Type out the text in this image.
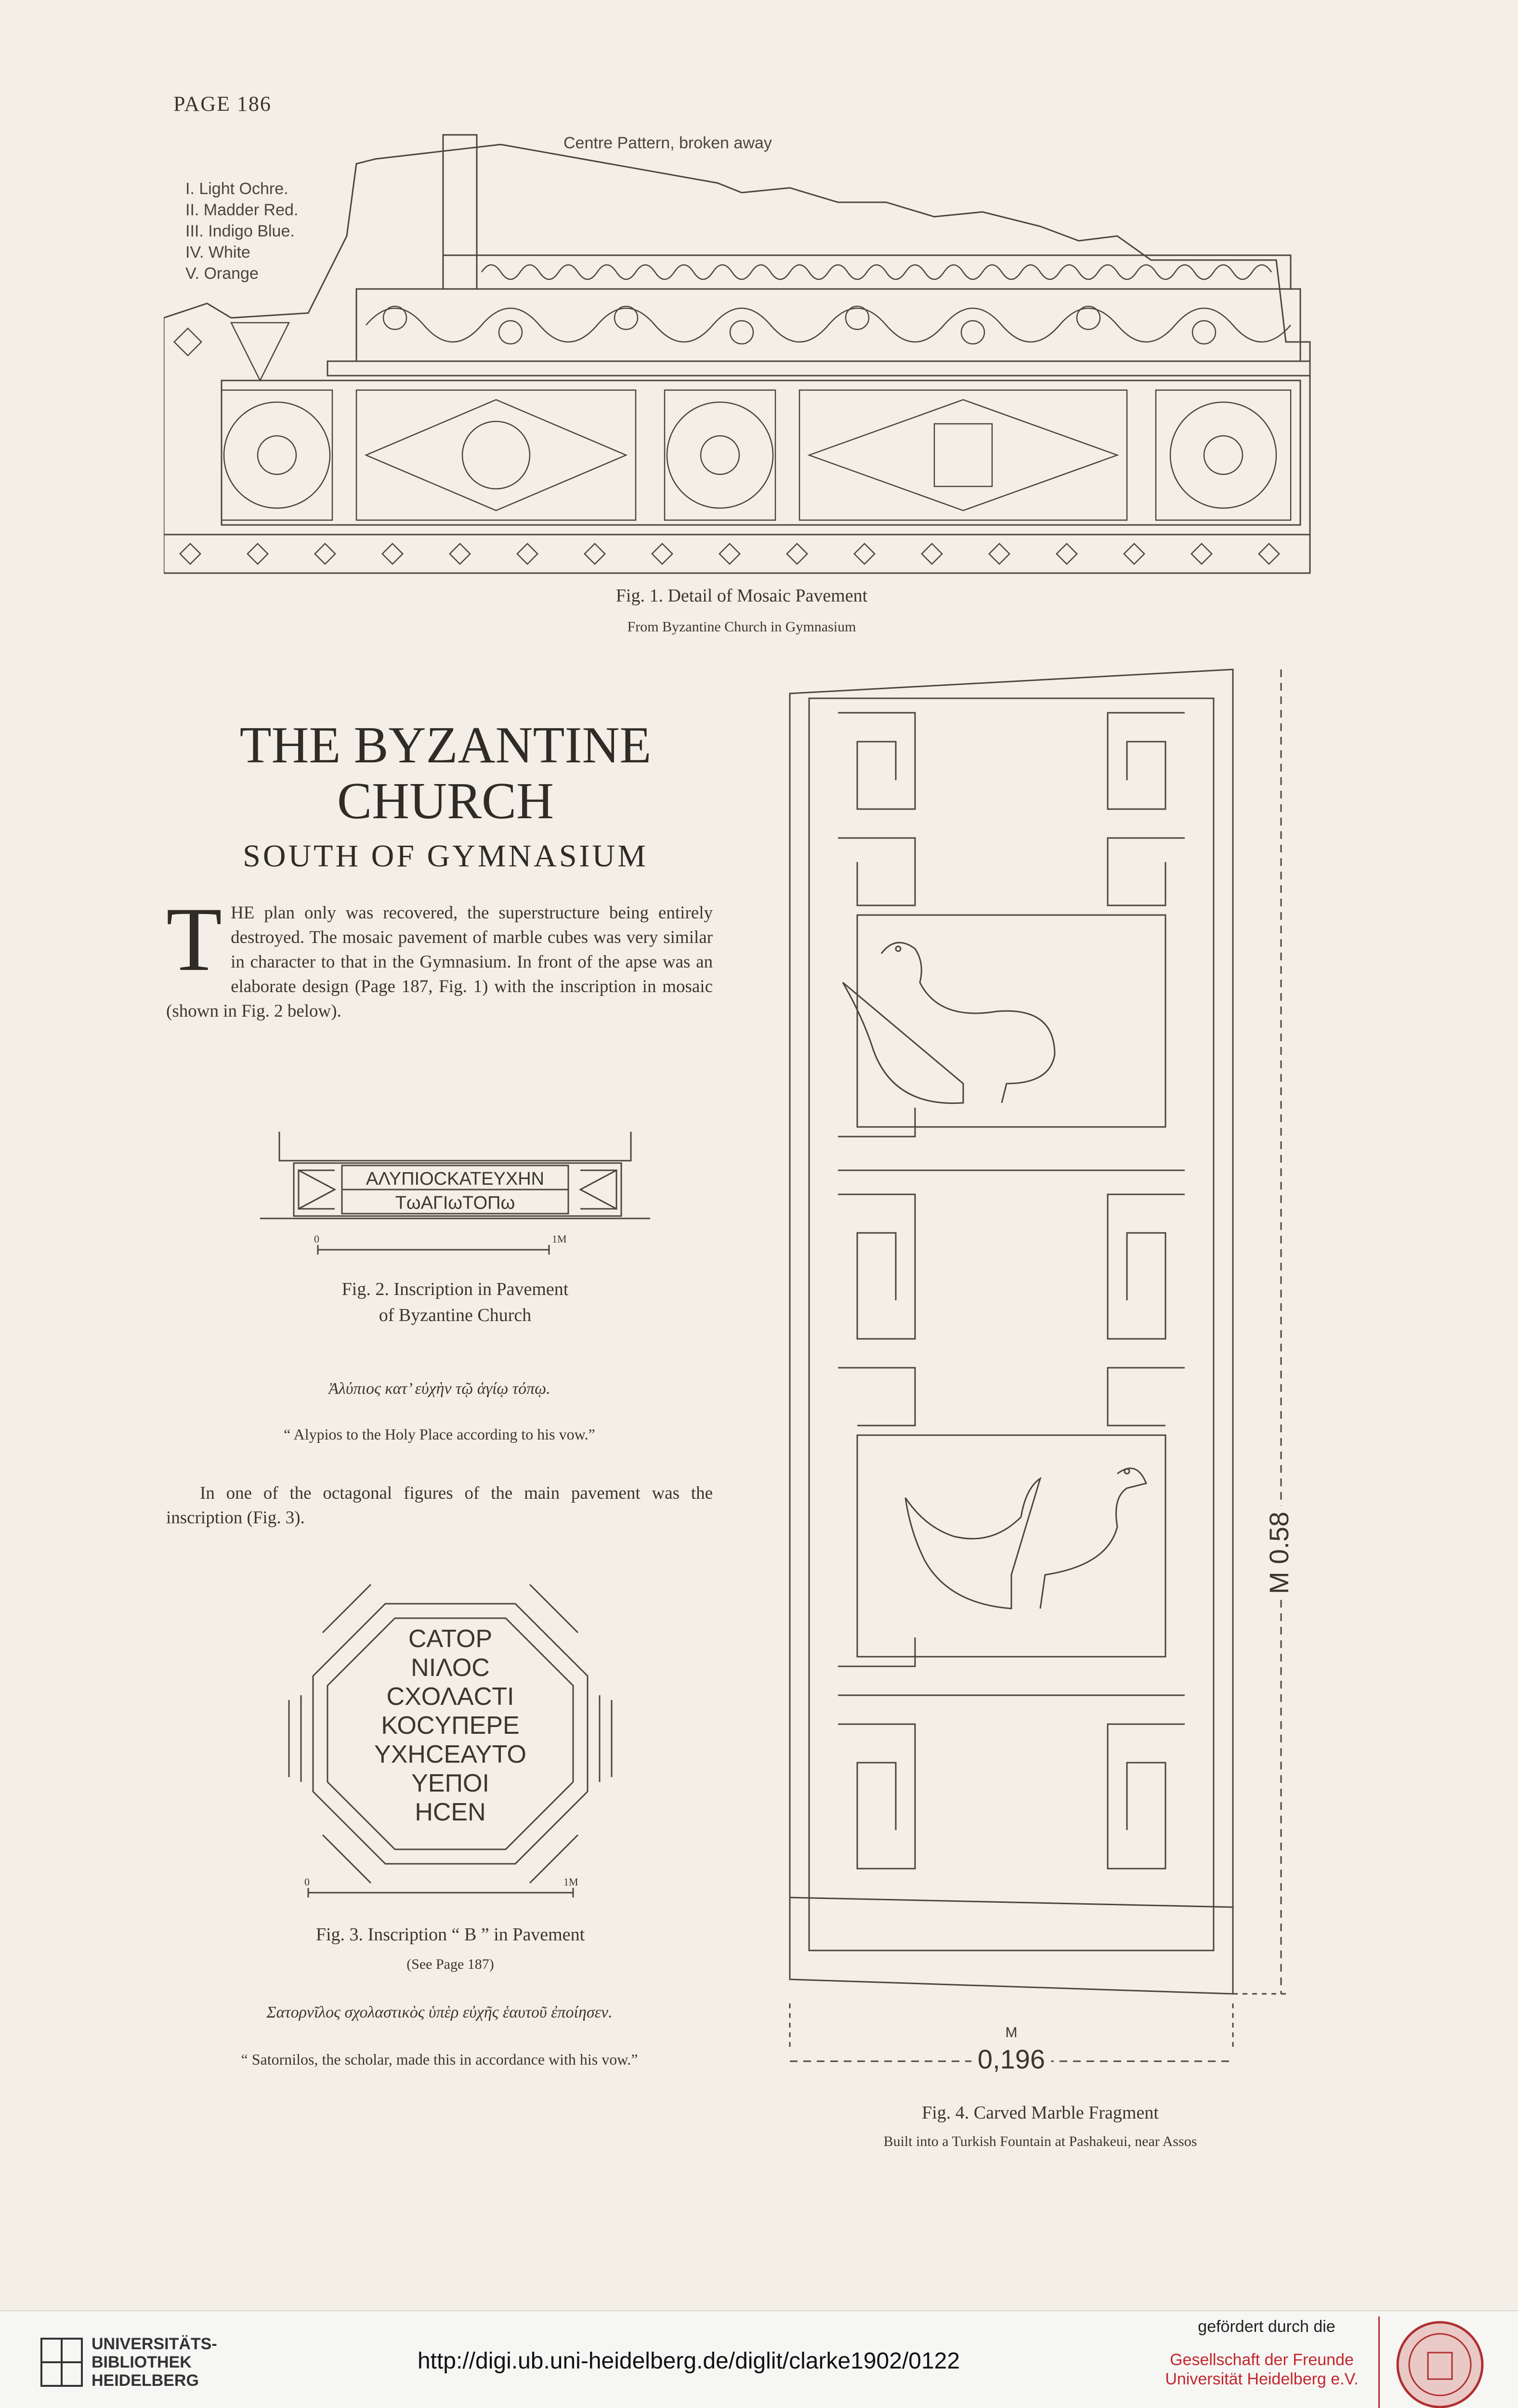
PAGE 186
I. Light Ochre.
II. Madder Red.
III. Indigo Blue.
IV. White
V. Orange
Centre Pattern, broken away
Fig. 1. Detail of Mosaic Pavement
From Byzantine Church in Gymnasium
THE BYZANTINE
CHURCH
SOUTH OF GYMNASIUM
THE plan only was recovered, the superstructure being entirely destroyed. The mosaic pavement of marble cubes was very similar in character to that in the Gymnasium. In front of the apse was an elaborate design (Page 187, Fig. 1) with the inscription in mosaic (shown in Fig. 2 below).
ΑΛΥΠΙΟCΚΑΤΕΥΧΗΝ
ΤωΑΓΙωΤΟΠω
0	1M
Fig. 2. Inscription in Pavement
of Byzantine Church
Ἀλύπιος κατ’ εὐχὴν τῷ ἁγίῳ τόπῳ.
“ Alypios to the Holy Place according to his vow.”
In one of the octagonal figures of the main pavement was the inscription (Fig. 3).
CΑΤΟΡ
ΝΙΛΟC
CΧΟΛΑCΤΙ
ΚΟCΥΠΕΡΕ
ΥΧΗCΕΑΥΤΟ
ΥΕΠΟΙ
ΗCΕΝ
0	1M
Fig. 3. Inscription “ B ” in Pavement
(See Page 187)
Σατορνῖλος σχολαστικὸς ὑπὲρ εὐχῆς ἑαυτοῦ ἐποίησεν.
“ Satornilos, the scholar, made this in accordance with his vow.”	0,196
M
M 0.58
Fig. 4. Carved Marble Fragment
Built into a Turkish Fountain at Pashakeui, near Assos
UNIVERSITÄTS-
BIBLIOTHEK
HEIDELBERG
http://digi.ub.uni-heidelberg.de/diglit/clarke1902/0122
gefördert durch die
Gesellschaft der Freunde
Universität Heidelberg e.V.
